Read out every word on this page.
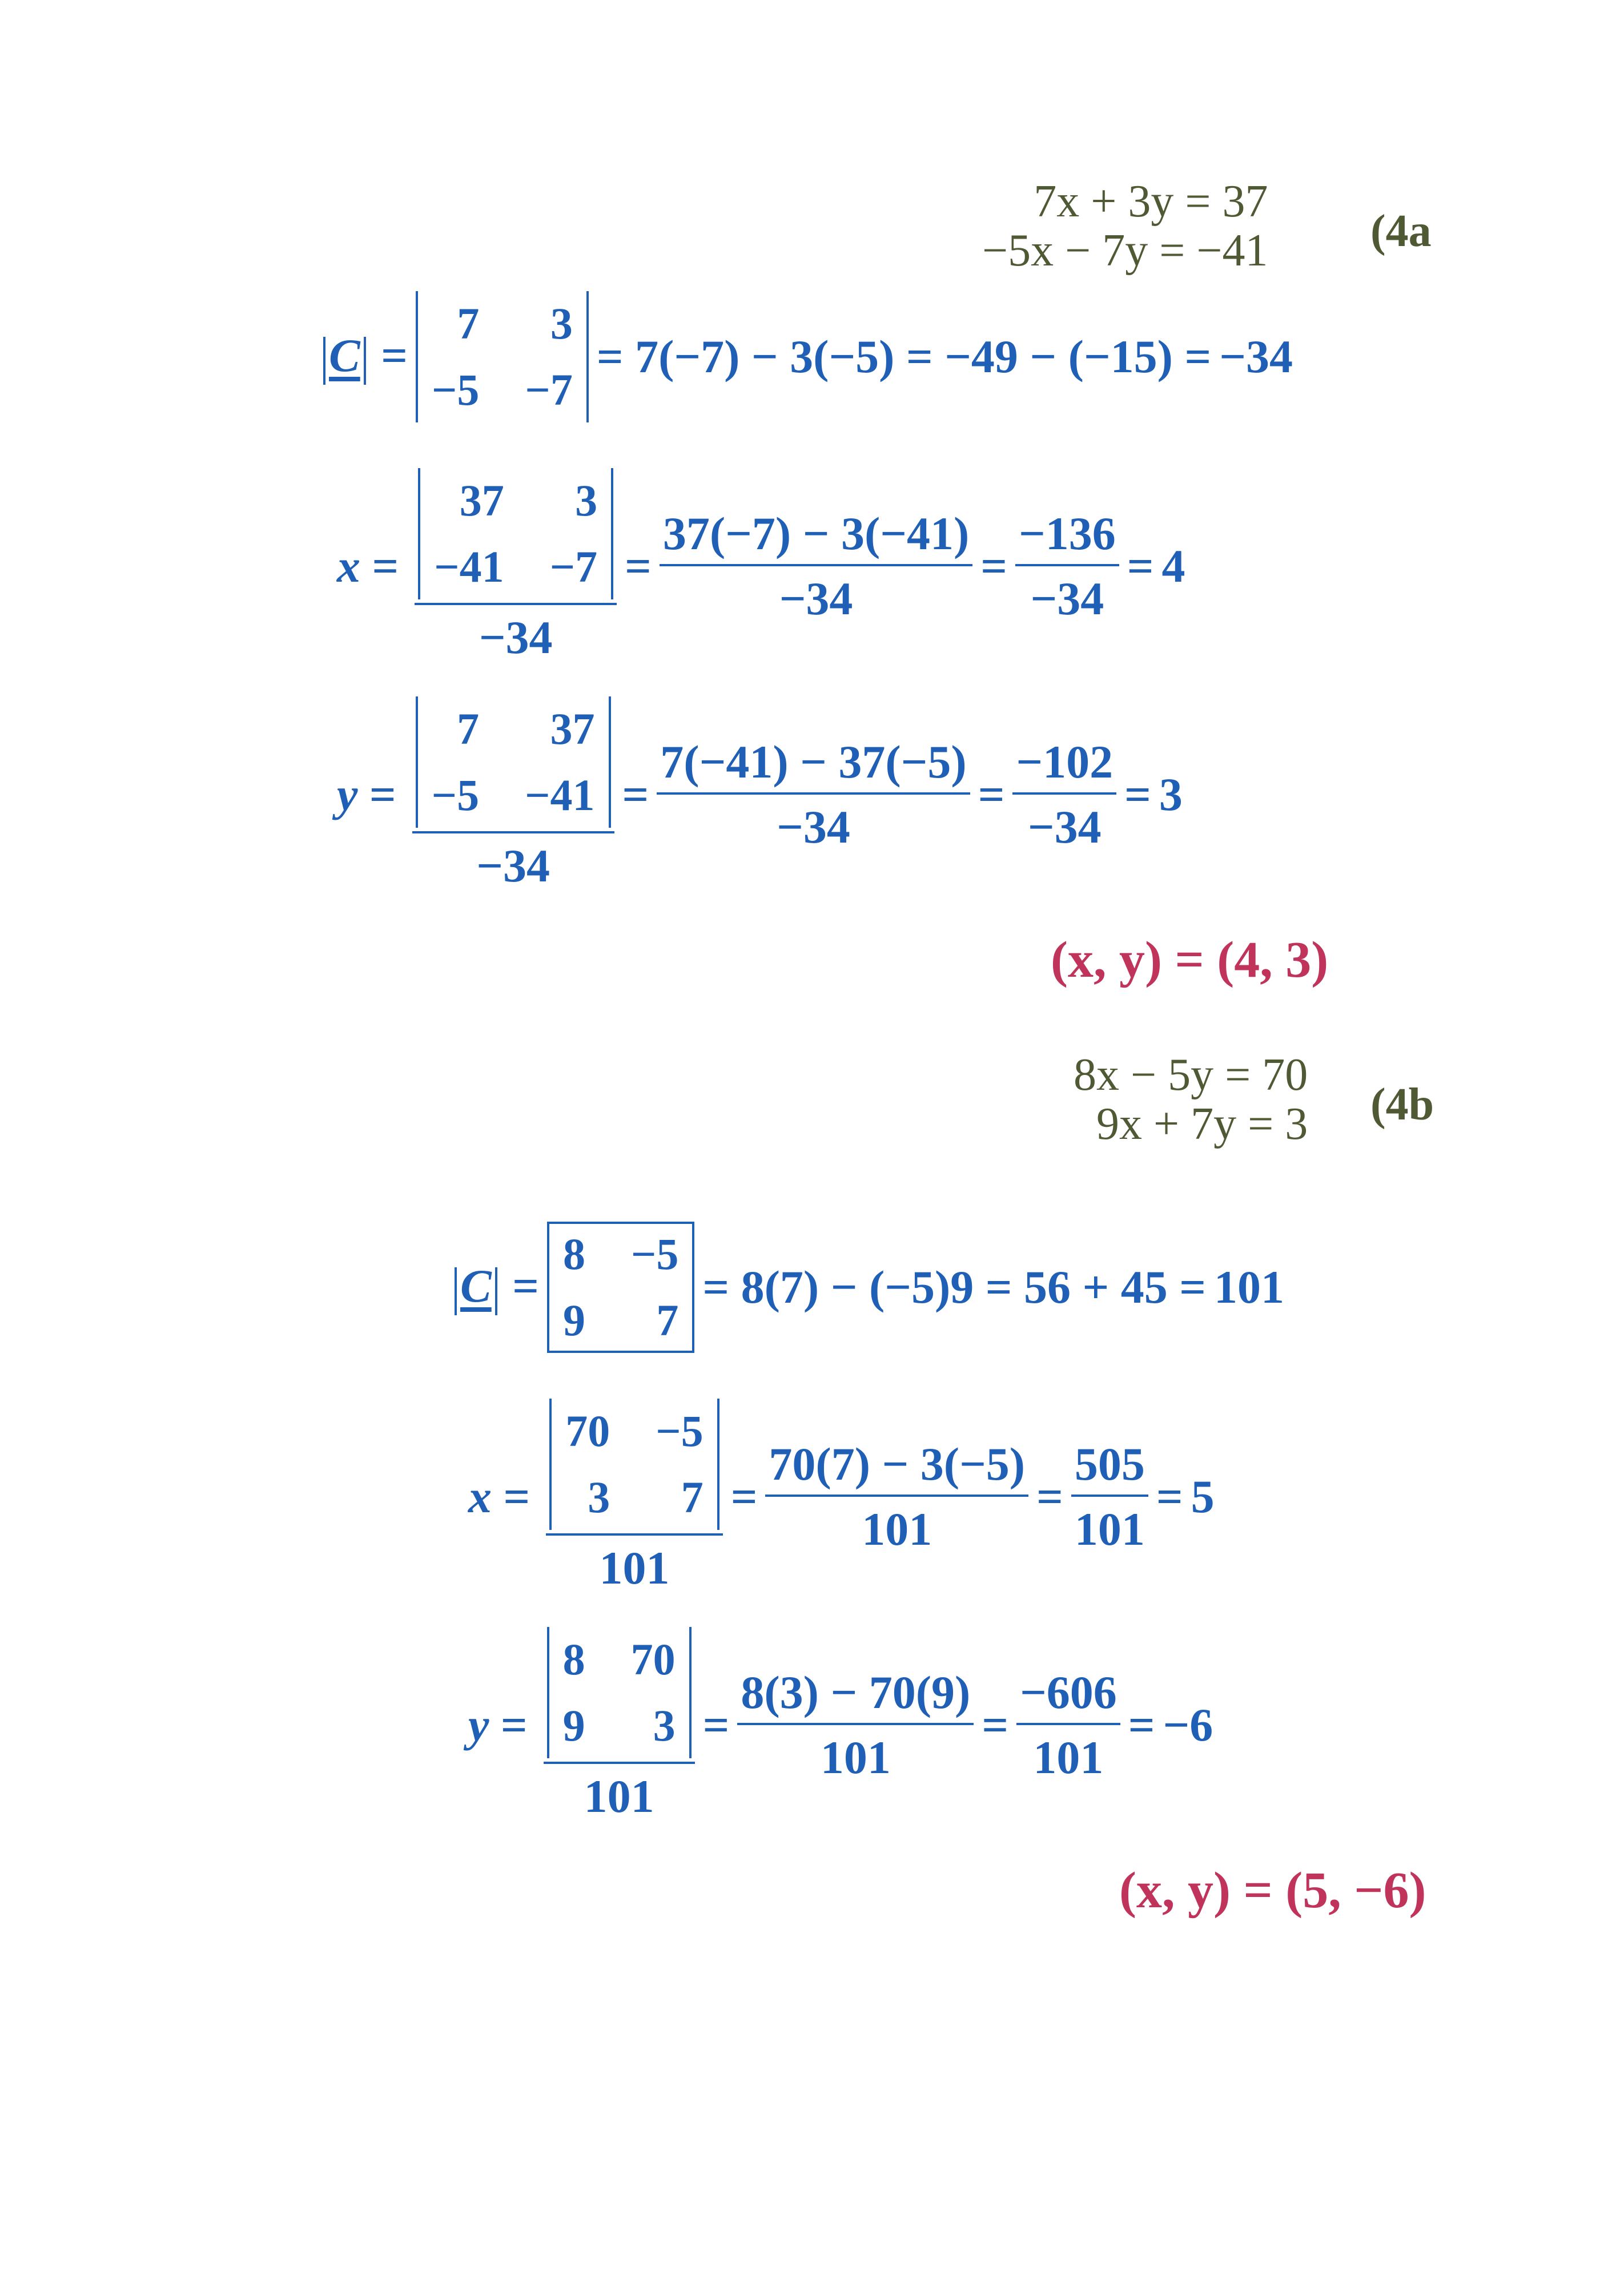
7x + 3y = 37
−5x − 7y = −41 (4a
C =
7	3
−5 −7
= 7(−7) − 3(−5) = −49 − (−15) = −34
x = 37	3
−41 −7
$-34 = \frac{37(-7) - 3(-41)}{-34} = \frac{-136}{-34} = 4$
y = 7	37
−5 −41
$-34 = \frac{7(-41) - 37(-5)}{-34} = \frac{-102}{-34} = 3$
(x, y) = (4, 3)
8x − 5y = 70
9x + 7y = 3 (4b
C =
8 −5
9	7
= 8(7) − (−5)9 = 56 + 45 = 101
x = 70 −5
3	7
$101 = \frac{70(7) - 3(-5)}{101} = \frac{505}{101} = 5$
y = 8 70
9	3
$101 = \frac{8(3) - 70(9)}{101} = \frac{-606}{101} = -6$
(x, y) = (5, −6)
